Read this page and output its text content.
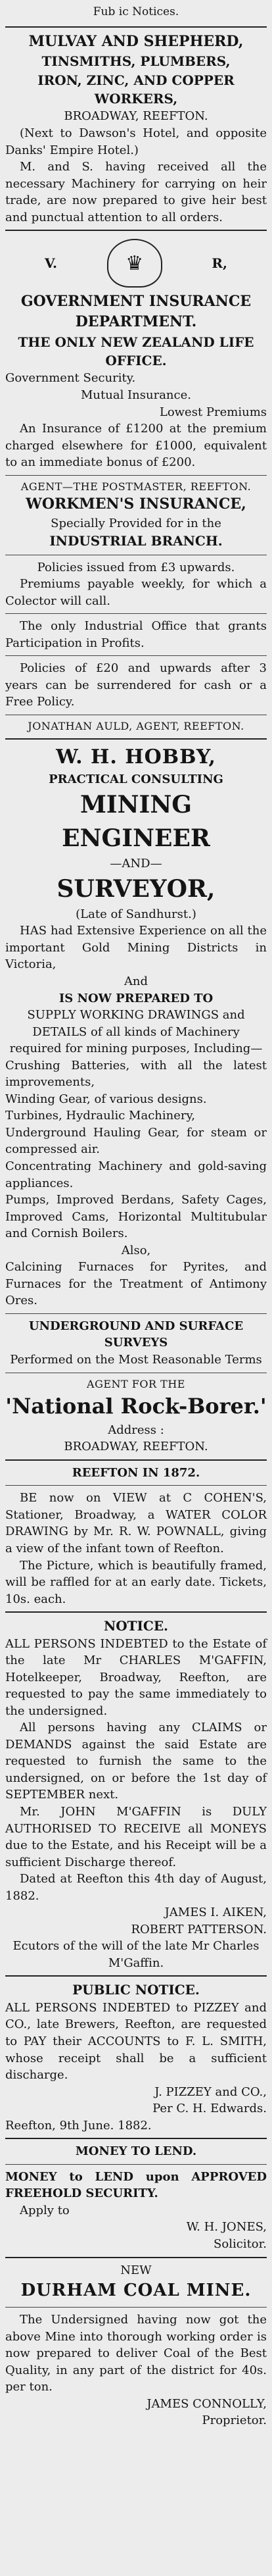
Fub ic Notices.

MULVAY AND SHEPHERD,

TINSMITHS, PLUMBERS,

IRON, ZINC, AND COPPER

WORKERS,

BROADWAY, REEFTON.

(Next to Dawson's Hotel, and opposite Danks' Empire Hotel.)

M. and S. having received all the necessary Machinery for carrying on heir trade, are now prepared to give heir best and punctual attention to all orders.

V.	♛	R,

GOVERNMENT INSURANCE DEPARTMENT.

THE ONLY NEW ZEALAND LIFE OFFICE.

Government Security.

Mutual Insurance.

Lowest Premiums

An Insurance of £1200 at the premium charged elsewhere for £1000, equivalent to an immediate bonus of £200.

AGENT—THE POSTMASTER, REEFTON.

WORKMEN'S INSURANCE,

Specially Provided for in the

INDUSTRIAL BRANCH.

Policies issued from £3 upwards.

Premiums payable weekly, for which a Colector will call.

The only Industrial Office that grants Participation in Profits.

Policies of £20 and upwards after 3 years can be surrendered for cash or a Free Policy.

JONATHAN AULD, AGENT, REEFTON.

W. H. HOBBY,

PRACTICAL CONSULTING

MINING ENGINEER

—AND—

SURVEYOR,

(Late of Sandhurst.)

HAS had Extensive Experience on all the important Gold Mining Districts in Victoria,

And

IS NOW PREPARED TO

SUPPLY WORKING DRAWINGS and DETAILS of all kinds of Machinery required for mining purposes, Including—

Crushing Batteries, with all the latest improvements,

Winding Gear, of various designs.

Turbines, Hydraulic Machinery,

Underground Hauling Gear, for steam or compressed air.

Concentrating Machinery and gold-saving appliances.

Pumps, Improved Berdans, Safety Cages, Improved Cams, Horizontal Multitubular and Cornish Boilers.

Also,

Calcining Furnaces for Pyrites, and Furnaces for the Treatment of Antimony Ores.

UNDERGROUND AND SURFACE SURVEYS

Performed on the Most Reasonable Terms

AGENT FOR THE

'National Rock-Borer.'

Address :

BROADWAY, REEFTON.

REEFTON IN 1872.

BE now on VIEW at C COHEN'S, Stationer, Broadway, a WATER COLOR DRAWING by Mr. R. W. POWNALL, giving a view of the infant town of Reefton.

The Picture, which is beautifully framed, will be raffled for at an early date. Tickets, 10s. each.

NOTICE.

ALL PERSONS INDEBTED to the Estate of the late Mr CHARLES M'GAFFIN, Hotelkeeper, Broadway, Reefton, are requested to pay the same immediately to the undersigned.

All persons having any CLAIMS or DEMANDS against the said Estate are requested to furnish the same to the undersigned, on or before the 1st day of SEPTEMBER next.

Mr. JOHN M'GAFFIN is DULY AUTHORISED TO RECEIVE all MONEYS due to the Estate, and his Receipt will be a sufficient Discharge thereof.

Dated at Reefton this 4th day of August, 1882.

JAMES I. AIKEN,

ROBERT PATTERSON.

Ecutors of the will of the late Mr Charles M'Gaffin.

PUBLIC NOTICE.

ALL PERSONS INDEBTED to PIZZEY and CO., late Brewers, Reefton, are requested to PAY their ACCOUNTS to F. L. SMITH, whose receipt shall be a sufficient discharge.

J. PIZZEY and CO.,

Per C. H. Edwards.

Reefton, 9th June. 1882.

MONEY TO LEND.

MONEY to LEND upon APPROVED FREEHOLD SECURITY.

Apply to

W. H. JONES,

Solicitor.

NEW

DURHAM COAL MINE.

The Undersigned having now got the above Mine into thorough working order is now prepared to deliver Coal of the Best Quality, in any part of the district for 40s. per ton.

JAMES CONNOLLY,

Proprietor.
